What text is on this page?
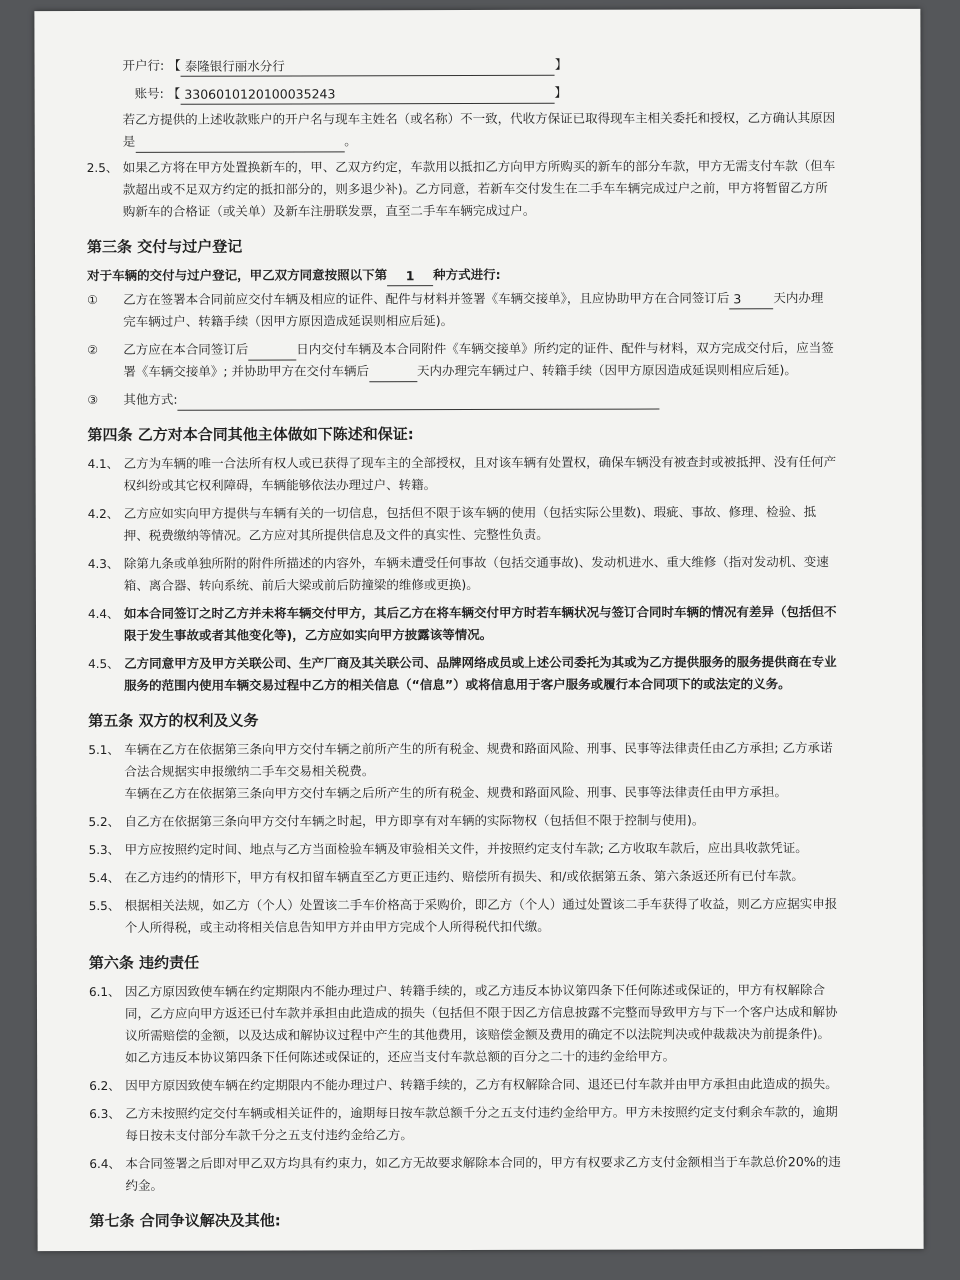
开户行: 【 泰隆银行丽水分行	】
账号: 【 33060101201000352​43	】
若乙方提供的上述收款账户的开户名与现车主姓名（或名称）不一致，代收方保证已取得现车主相关委托和授权，乙方确认其原因
是	。
2.5、 如果乙方将在甲方处置换新车的，甲、乙双方约定，车款用以抵扣乙方向甲方所购买的新车的部分车款，甲方无需支付车款（但车

款超出或不足双方约定的抵扣部分的，则多退少补)。乙方同意，若新车交付发生在二手车车辆完成过户之前，甲方将暂留乙方所

购新车的合格证（或关单）及新车注册联发票，直至二手车车辆完成过户。

第三条 交付与过户登记
对于车辆的交付与过户登记，甲乙双方同意按照以下第 1 种方式进行:
①	乙方在签署本合同前应交付车辆及相应的证件、配件与材料并签署《车辆交接单》，且应协助甲方在合同签订后 3	天内办理

完车辆过户、转籍手续（因甲方原因造成延误则相应后延)。

②	乙方应在本合同签订后	日内交付车辆及本合同附件《车辆交接单》所约定的证件、配件与材料，双方完成交付后，应当签

署《车辆交接单》; 并协助甲方在交付车辆后	天内办理完车辆过户、转籍手续（因甲方原因造成延误则相应后延)。

③	其他方式:

第四条 乙方对本合同其他主体做如下陈述和保证:
4.1、 乙方为车辆的唯一合法所有权人或已获得了现车主的全部授权，且对该车辆有处置权，确保车辆没有被查封或被抵押、没有任何产

权纠纷或其它权利障碍，车辆能够依法办理过户、转籍。

4.2、 乙方应如实向甲方提供与车辆有关的一切信息，包括但不限于该车辆的使用（包括实际公里数)、瑕疵、事故、修理、检验、抵

押、税费缴纳等情况。乙方应对其所提供信息及文件的真实性、完整性负责。

4.3、 除第九条或单独所附的附件所描述的内容外，车辆未遭受任何事故（包括交通事故)、发动机进水、重大维修（指对发动机、变速

箱、离合器、转向系统、前后大梁或前后防撞梁的维修或更换)。

4.4、 如本合同签订之时乙方并未将车辆交付甲方，其后乙方在将车辆交付甲方时若车辆状况与签订合同时车辆的情况有差异（包括但不

限于发生事故或者其他变化等)，乙方应如实向甲方披露该等情况。

4.5、 乙方同意甲方及甲方关联公司、生产厂商及其关联公司、品牌网络成员或上述公司委托为其或为乙方提供服务的服务提供商在专业

服务的范围内使用车辆交易过程中乙方的相关信息（“信息”）或将信息用于客户服务或履行本合同项下的或法定的义务。

第五条 双方的权利及义务
5.1、 车辆在乙方在依据第三条向甲方交付车辆之前所产生的所有税金、规费和路面风险、刑事、民事等法律责任由乙方承担; 乙方承诺

合法合规据实申报缴纳二手车交易相关税费。

车辆在乙方在依据第三条向甲方交付车辆之后所产生的所有税金、规费和路面风险、刑事、民事等法律责任由甲方承担。

5.2、 自乙方在依据第三条向甲方交付车辆之时起，甲方即享有对车辆的实际物权（包括但不限于控制与使用)。

5.3、 甲方应按照约定时间、地点与乙方当面检验车辆及审验相关文件，并按照约定支付车款; 乙方收取车款后，应出具收款凭证。

5.4、 在乙方违约的情形下，甲方有权扣留车辆直至乙方更正违约、赔偿所有损失、和/或依据第五条、第六条返还所有已付车款。

5.5、 根据相关法规，如乙方（个人）处置该二手车价格高于采购价，即乙方（个人）通过处置该二手车获得了收益，则乙方应据实申报

个人所得税，或主动将相关信息告知甲方并由甲方完成个人所得税代扣代缴。

第六条 违约责任
6.1、 因乙方原因致使车辆在约定期限内不能办理过户、转籍手续的，或乙方违反本协议第四条下任何陈述或保证的，甲方有权解除合

同，乙方应向甲方返还已付车款并承担由此造成的损失（包括但不限于因乙方信息披露不完整而导致甲方与下一个客户达成和解协

议所需赔偿的金额，以及达成和解协议过程中产生的其他费用，该赔偿金额及费用的确定不以法院判决或仲裁裁决为前提条件)。

如乙方违反本协议第四条下任何陈述或保证的，还应当支付车款总额的百分之二十的违约金给甲方。

6.2、 因甲方原因致使车辆在约定期限内不能办理过户、转籍手续的，乙方有权解除合同、退还已付车款并由甲方承担由此造成的损失。

6.3、 乙方未按照约定交付车辆或相关证件的，逾期每日按车款总额千分之五支付违约金给甲方。甲方未按照约定支付剩余车款的，逾期

每日按未支付部分车款千分之五支付违约金给乙方。

6.4、 本合同签署之后即对甲乙双方均具有约束力，如乙方无故要求解除本合同的，甲方有权要求乙方支付金额相当于车款总价20%的违

约金。

第七条 合同争议解决及其他:
